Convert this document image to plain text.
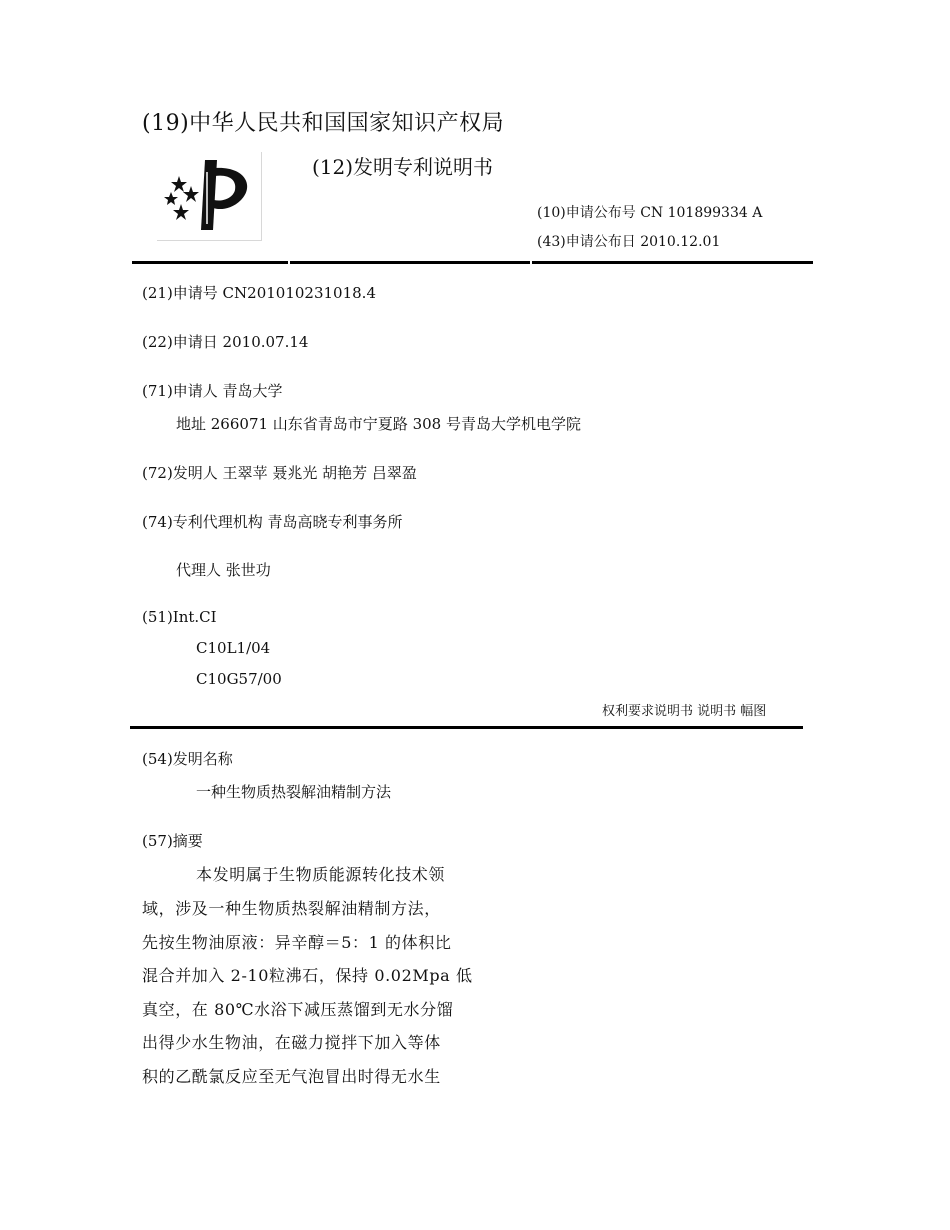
(19)中华人民共和国国家知识产权局
(12)发明专利说明书
(10)申请公布号 CN 101899334 A
(43)申请公布日 2010.12.01
(21)申请号 CN201010231018.4
(22)申请日 2010.07.14
(71)申请人 青岛大学
地址 266071 山东省青岛市宁夏路 308 号青岛大学机电学院
(72)发明人 王翠苹 聂兆光 胡艳芳 吕翠盈
(74)专利代理机构 青岛高晓专利事务所
代理人 张世功
(51)Int.CI
C10L1/04
C10G57/00
权利要求说明书 说明书 幅图
(54)发明名称
一种生物质热裂解油精制方法
(57)摘要
本发明属于生物质能源转化技术领
域，涉及一种生物质热裂解油精制方法，
先按生物油原液：异辛醇＝5：1 的体积比
混合并加入 2-10粒沸石，保持 0.02Mpa 低
真空，在 80℃水浴下减压蒸馏到无水分馏
出得少水生物油，在磁力搅拌下加入等体
积的乙酰氯反应至无气泡冒出时得无水生
